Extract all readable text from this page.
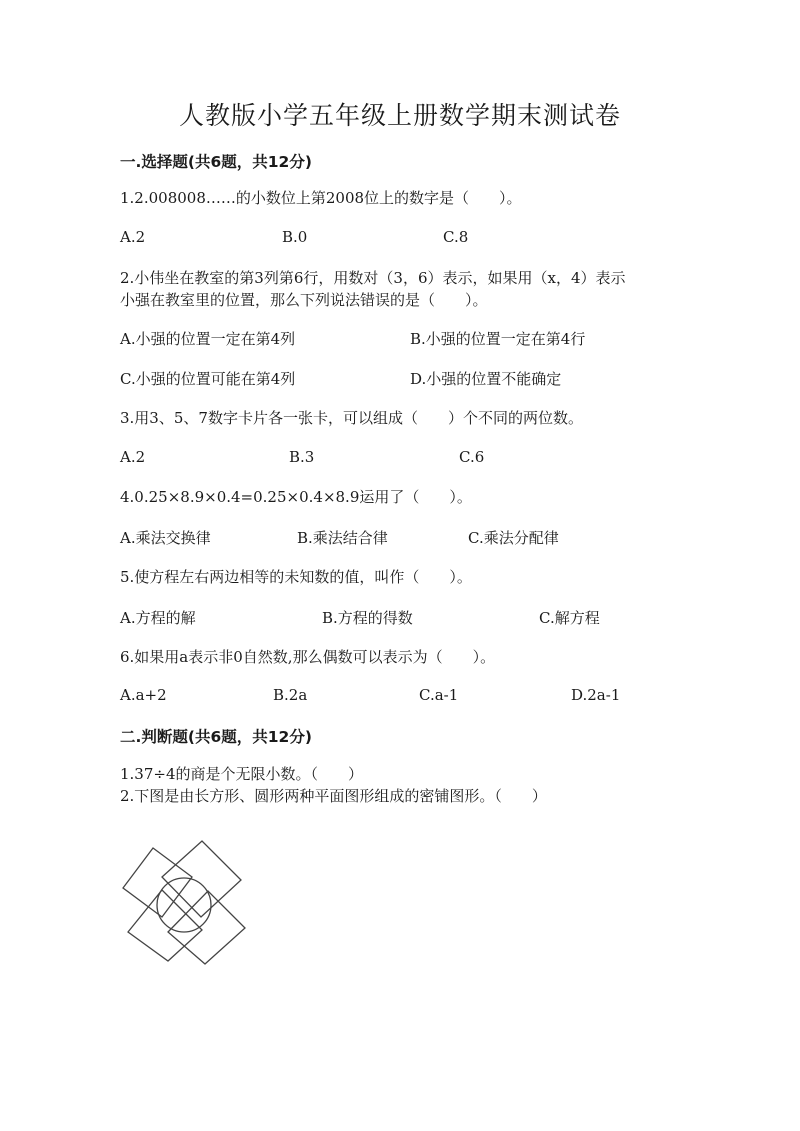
人教版小学五年级上册数学期末测试卷
一.选择题(共6题，共12分)
1.2.008008……的小数位上第2008位上的数字是（　　）。
A.2	B.0	C.8
2.小伟坐在教室的第3列第6行，用数对（3，6）表示，如果用（x，4）表示
小强在教室里的位置，那么下列说法错误的是（　　）。
A.小强的位置一定在第4列	B.小强的位置一定在第4行
C.小强的位置可能在第4列	D.小强的位置不能确定
3.用3、5、7数字卡片各一张卡，可以组成（　　）个不同的两位数。
A.2	B.3	C.6
4.0.25×8.9×0.4=0.25×0.4×8.9运用了（　　）。
A.乘法交换律	B.乘法结合律	C.乘法分配律
5.使方程左右两边相等的未知数的值，叫作（　　）。
A.方程的解	B.方程的得数	C.解方程
6.如果用a表示非0自然数,那么偶数可以表示为（　　）。
A.a+2	B.2a	C.a-1	D.2a-1
二.判断题(共6题，共12分)
1.37÷4的商是个无限小数。（　　）
2.下图是由长方形、圆形两种平面图形组成的密铺图形。（　　）
